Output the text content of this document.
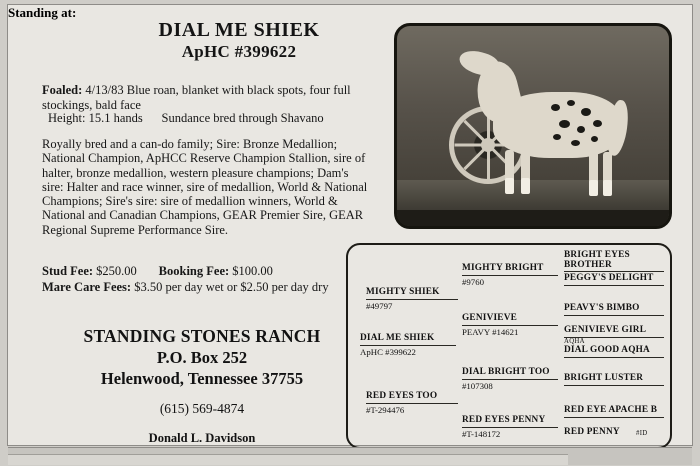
DIAL ME SHIEK
ApHC #399622
Foaled: 4/13/83 Blue roan, blanket with black spots, four full stockings, bald face
Height: 15.1 hands Sundance bred through Shavano
Royally bred and a can-do family; Sire: Bronze Medallion; National Champion, ApHCC Reserve Champion Stallion, sire of halter, bronze medallion, western pleasure champions; Dam's sire: Halter and race winner, sire of medallion, World & National Champions; Sire's sire: sire of medallion winners, World & National and Canadian Champions, GEAR Premier Sire, GEAR Regional Supreme Performance Sire.
Stud Fee: $250.00 Booking Fee: $100.00
Mare Care Fees: $3.50 per day wet or $2.50 per day dry
Standing at:
STANDING STONES RANCH
P.O. Box 252
Helenwood, Tennessee 37755
(615) 569-4874
Donald L. Davidson
DIAL ME SHIEK
ApHC #399622
MIGHTY SHIEK
#49797
RED EYES TOO
#T-294476
MIGHTY BRIGHT
#9760
GENIVIEVE
PEAVY #14621
DIAL BRIGHT TOO
#107308
RED EYES PENNY
#T-148172
BRIGHT EYES BROTHER
PEGGY'S DELIGHT
PEAVY'S BIMBO
GENIVIEVE GIRL
AQHA
DIAL GOOD AQHA
BRIGHT LUSTER
RED EYE APACHE B
RED PENNY	#ID
